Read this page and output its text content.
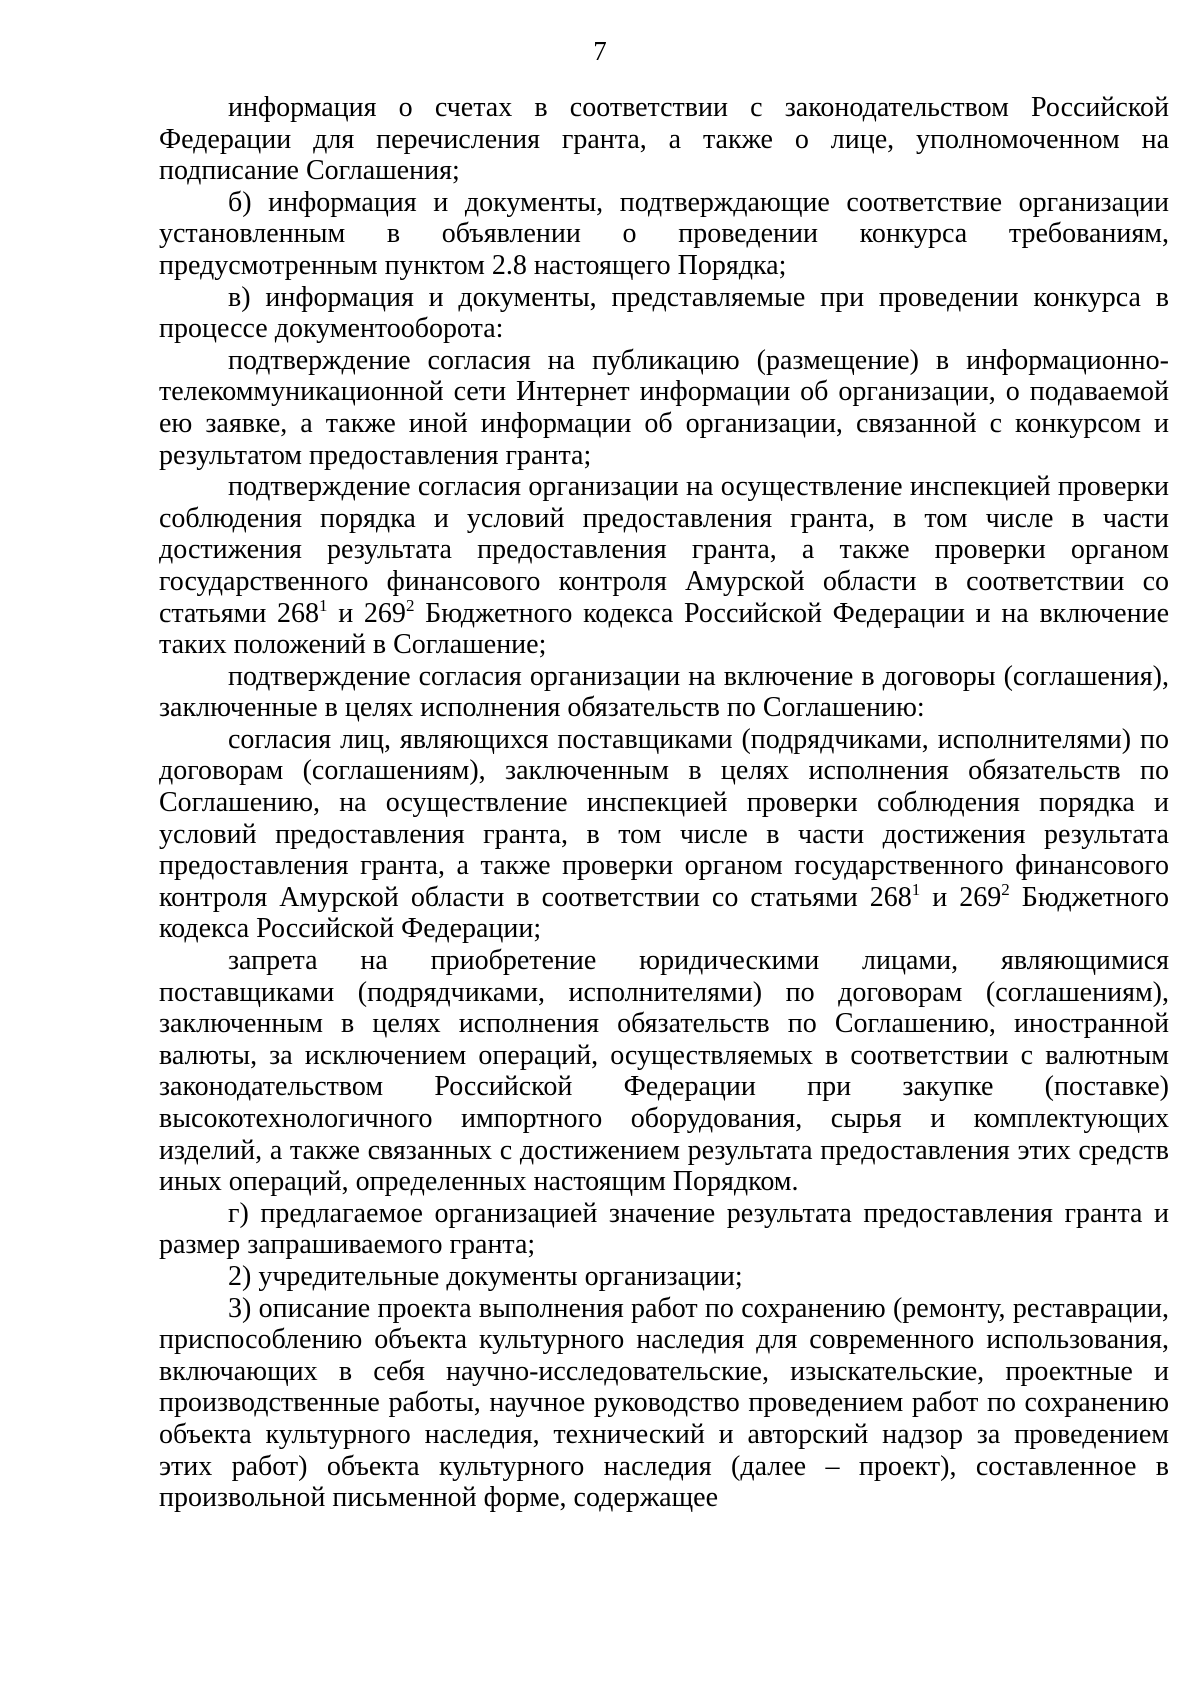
7

информация о счетах в соответствии с законодательством Российской Федерации для перечисления гранта, а также о лице, уполномоченном на подписание Соглашения;

б) информация и документы, подтверждающие соответствие организации установленным в объявлении о проведении конкурса требованиям, предусмотренным пунктом 2.8 настоящего Порядка;

в) информация и документы, представляемые при проведении конкурса в процессе документооборота:

подтверждение согласия на публикацию (размещение) в информационно-телекоммуникационной сети Интернет информации об организации, о подаваемой ею заявке, а также иной информации об организации, связанной с конкурсом и результатом предоставления гранта;

подтверждение согласия организации на осуществление инспекцией проверки соблюдения порядка и условий предоставления гранта, в том числе в части достижения результата предоставления гранта, а также проверки органом государственного финансового контроля Амурской области в соответствии со статьями $268^1$ и $269^2$ Бюджетного кодекса Российской Федерации и на включение таких положений в Соглашение;

подтверждение согласия организации на включение в договоры (соглашения), заключенные в целях исполнения обязательств по Соглашению:

согласия лиц, являющихся поставщиками (подрядчиками, исполнителями) по договорам (соглашениям), заключенным в целях исполнения обязательств по Соглашению, на осуществление инспекцией проверки соблюдения порядка и условий предоставления гранта, в том числе в части достижения результата предоставления гранта, а также проверки органом государственного финансового контроля Амурской области в соответствии со статьями $268^1$ и $269^2$ Бюджетного кодекса Российской Федерации;

запрета на приобретение юридическими лицами, являющимися поставщиками (подрядчиками, исполнителями) по договорам (соглашениям), заключенным в целях исполнения обязательств по Соглашению, иностранной валюты, за исключением операций, осуществляемых в соответствии с валютным законодательством Российской Федерации при закупке (поставке) высокотехнологичного импортного оборудования, сырья и комплектующих изделий, а также связанных с достижением результата предоставления этих средств иных операций, определенных настоящим Порядком.

г) предлагаемое организацией значение результата предоставления гранта и размер запрашиваемого гранта;

2) учредительные документы организации;

3) описание проекта выполнения работ по сохранению (ремонту, реставрации, приспособлению объекта культурного наследия для современного использования, включающих в себя научно-исследовательские, изыскательские, проектные и производственные работы, научное руководство проведением работ по сохранению объекта культурного наследия, технический и авторский надзор за проведением этих работ) объекта культурного наследия (далее – проект), составленное в произвольной письменной форме, содержащее
